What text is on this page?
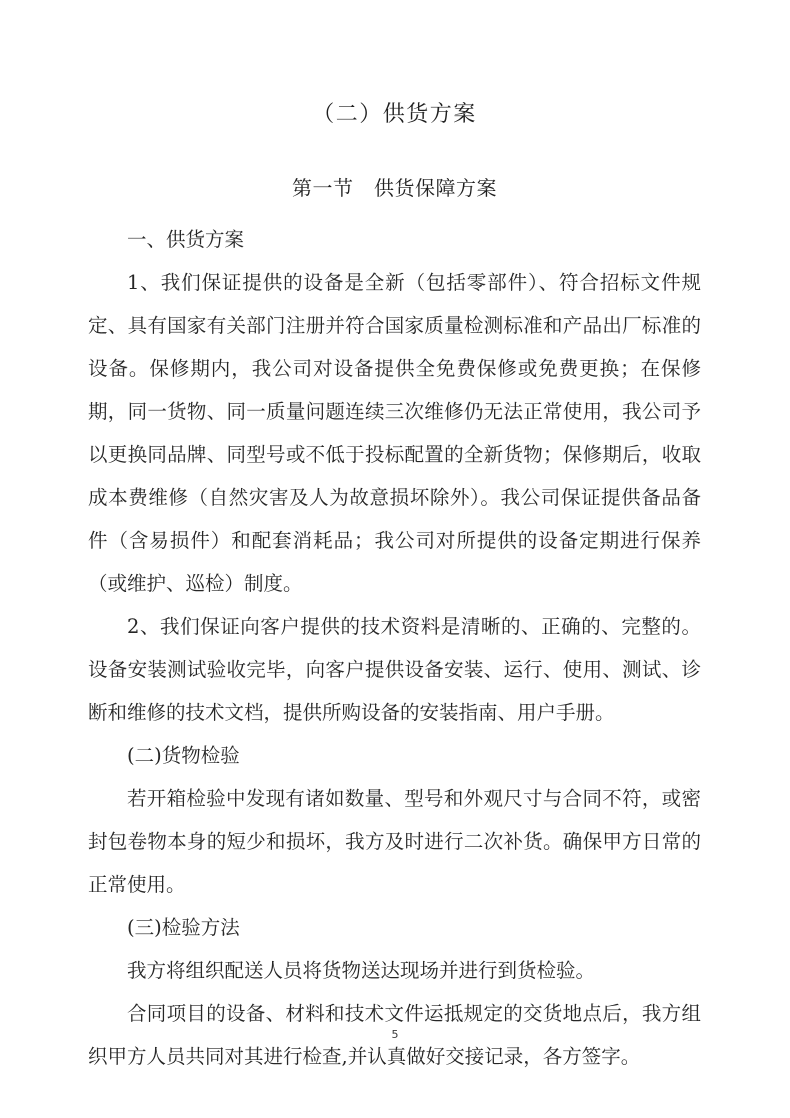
（二）供货方案
第一节　供货保障方案

一、供货方案

1、我们保证提供的设备是全新（包括零部件）、符合招标文件规定、具有国家有关部门注册并符合国家质量检测标准和产品出厂标准的设备。保修期内，我公司对设备提供全免费保修或免费更换；在保修期，同一货物、同一质量问题连续三次维修仍无法正常使用，我公司予以更换同品牌、同型号或不低于投标配置的全新货物；保修期后，收取成本费维修（自然灾害及人为故意损坏除外）。我公司保证提供备品备件（含易损件）和配套消耗品；我公司对所提供的设备定期进行保养（或维护、巡检）制度。

2、我们保证向客户提供的技术资料是清晰的、正确的、完整的。设备安装测试验收完毕，向客户提供设备安装、运行、使用、测试、诊断和维修的技术文档，提供所购设备的安装指南、用户手册。

(二)货物检验

若开箱检验中发现有诸如数量、型号和外观尺寸与合同不符，或密封包卷物本身的短少和损坏，我方及时进行二次补货。确保甲方日常的正常使用。

(三)检验方法

我方将组织配送人员将货物送达现场并进行到货检验。

合同项目的设备、材料和技术文件运抵规定的交货地点后，我方组织甲方人员共同对其进行检查,并认真做好交接记录，各方签字。

5
